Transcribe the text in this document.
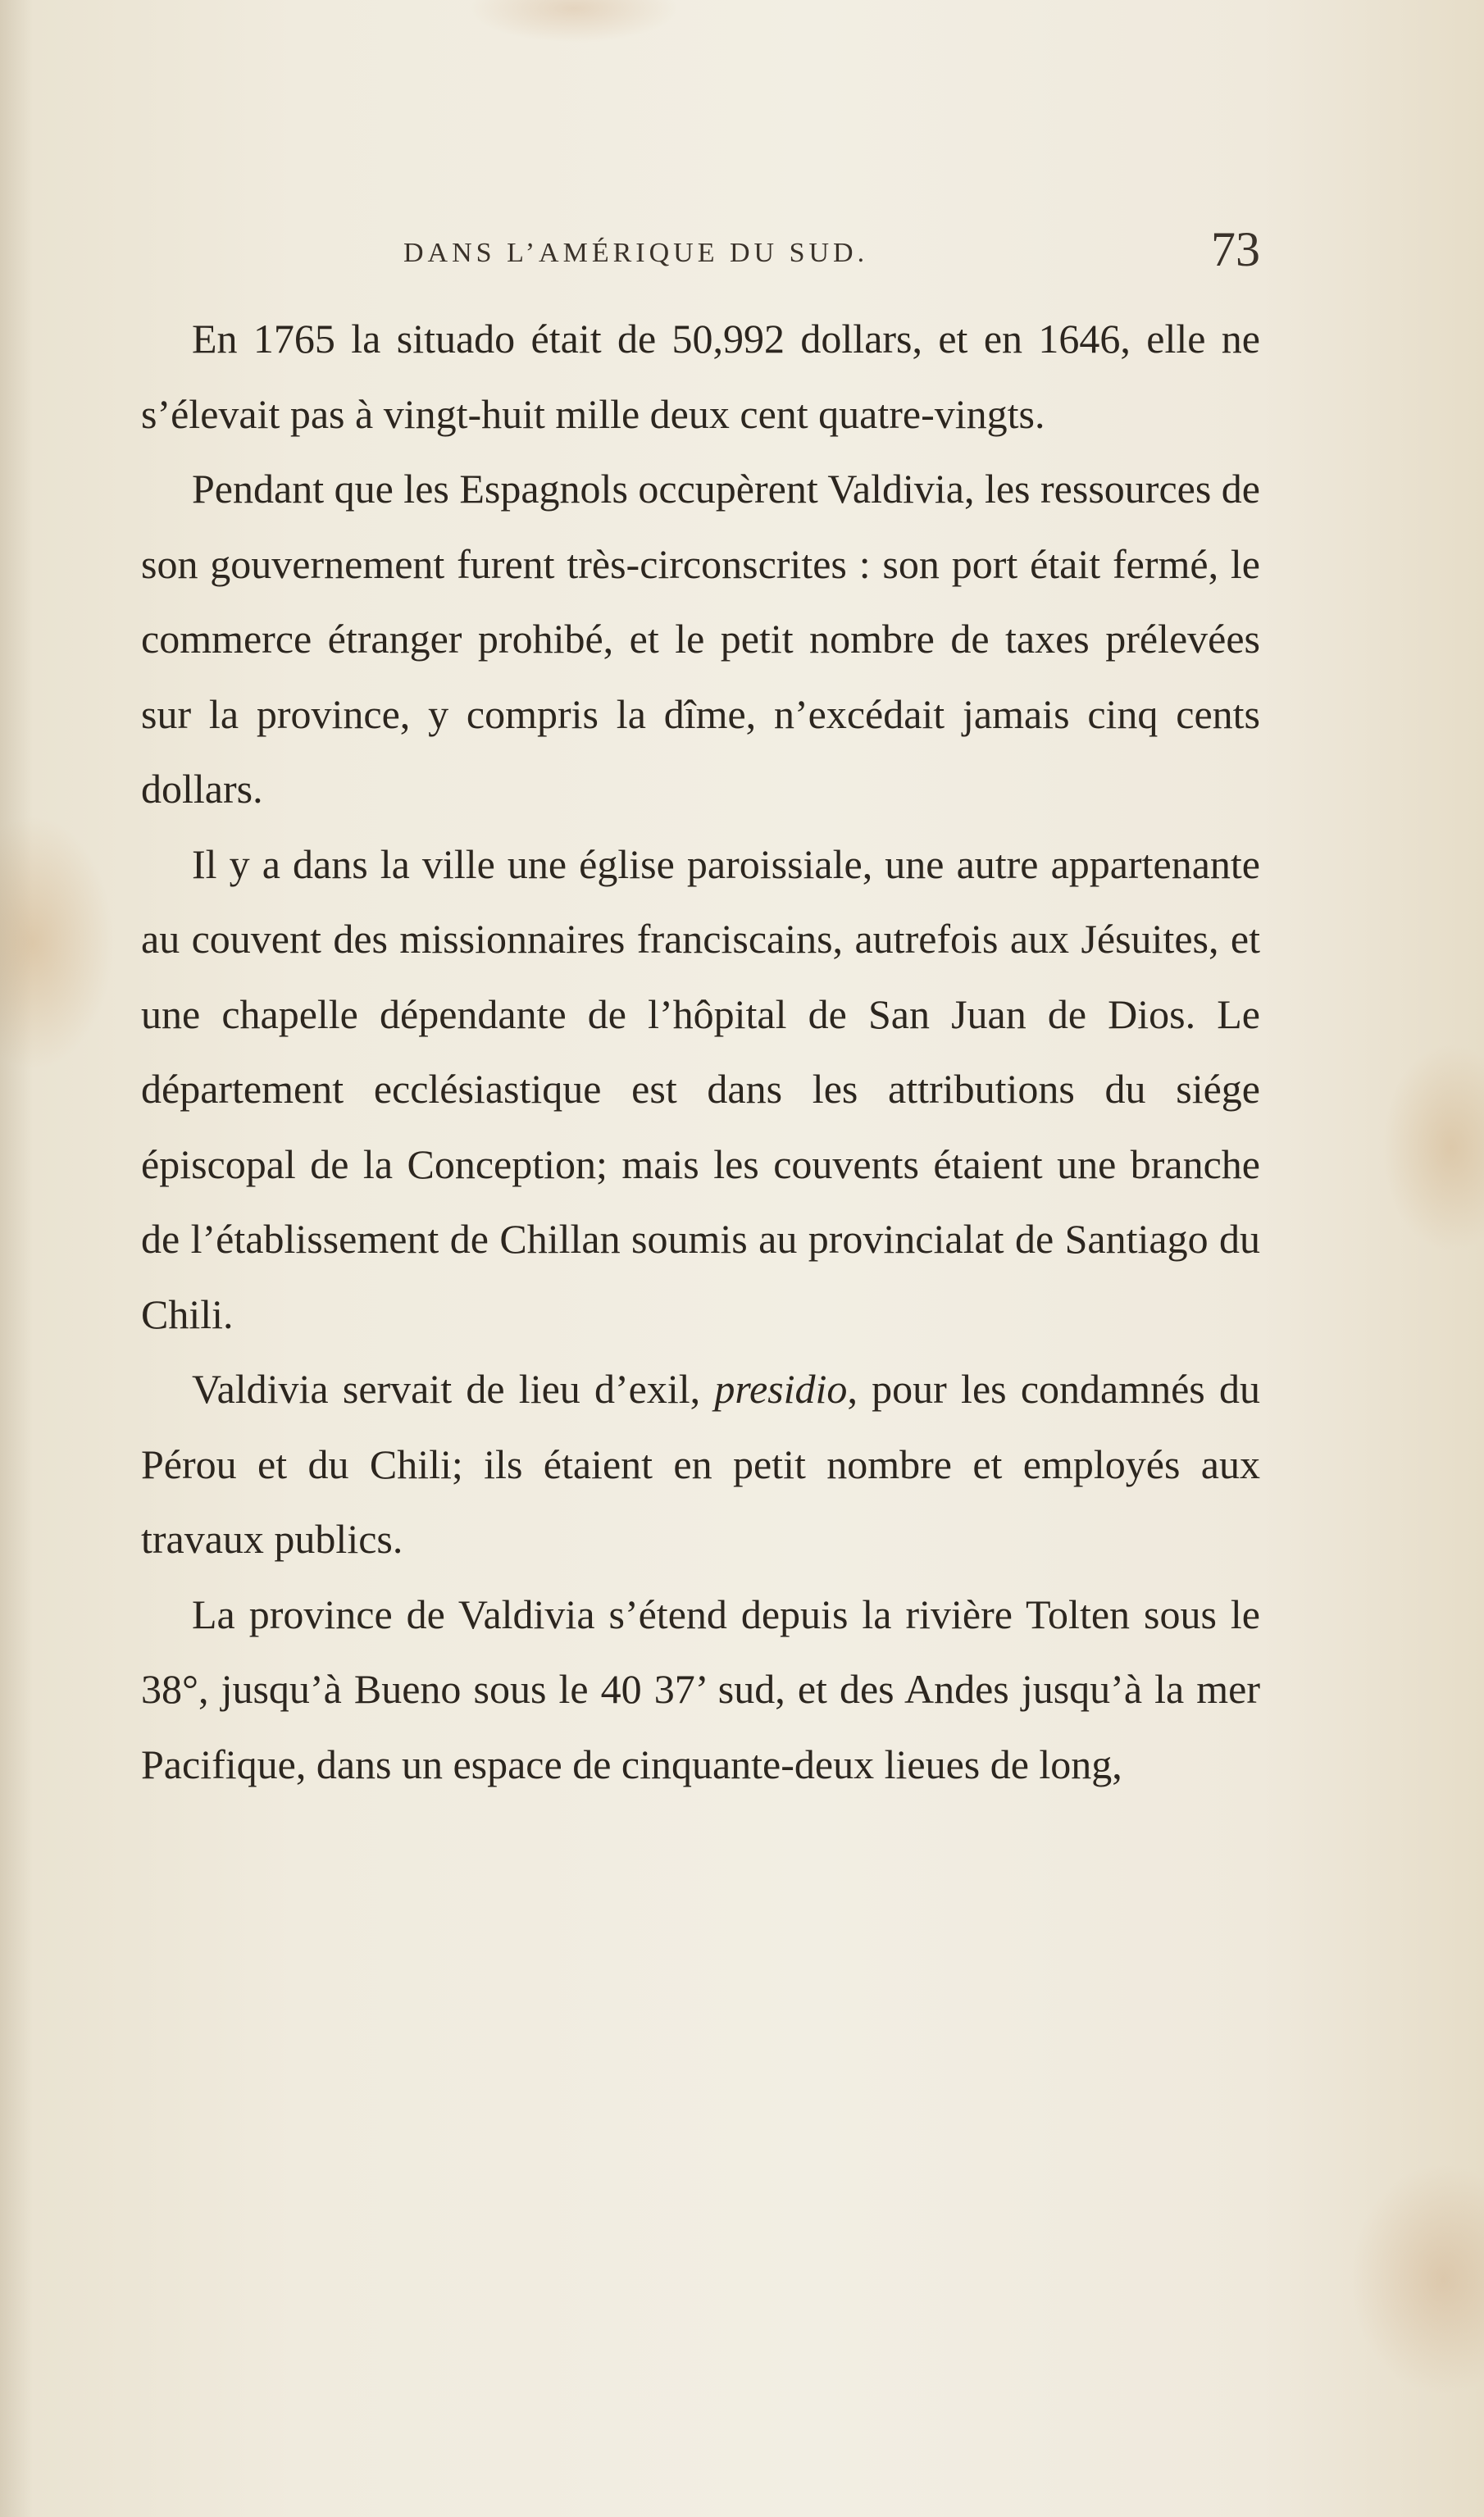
DANS L’AMÉRIQUE DU SUD.	73

En 1765 la situado était de 50,992 dollars, et en 1646, elle ne s’élevait pas à vingt-huit mille deux cent quatre-vingts.

Pendant que les Espagnols occupèrent Valdivia, les ressources de son gouvernement furent très-circonscrites : son port était fermé, le commerce étranger prohibé, et le petit nombre de taxes prélevées sur la province, y compris la dîme, n’excédait jamais cinq cents dollars.

Il y a dans la ville une église paroissiale, une autre appartenante au couvent des missionnaires franciscains, autrefois aux Jésuites, et une chapelle dépendante de l’hôpital de San Juan de Dios. Le département ecclésiastique est dans les attributions du siége épiscopal de la Conception; mais les couvents étaient une branche de l’établissement de Chillan soumis au provincialat de Santiago du Chili.

Valdivia servait de lieu d’exil, presidio, pour les condamnés du Pérou et du Chili; ils étaient en petit nombre et employés aux travaux publics.

La province de Valdivia s’étend depuis la rivière Tolten sous le 38°, jusqu’à Bueno sous le 40 37’ sud, et des Andes jusqu’à la mer Pacifique, dans un espace de cinquante-deux lieues de long,
